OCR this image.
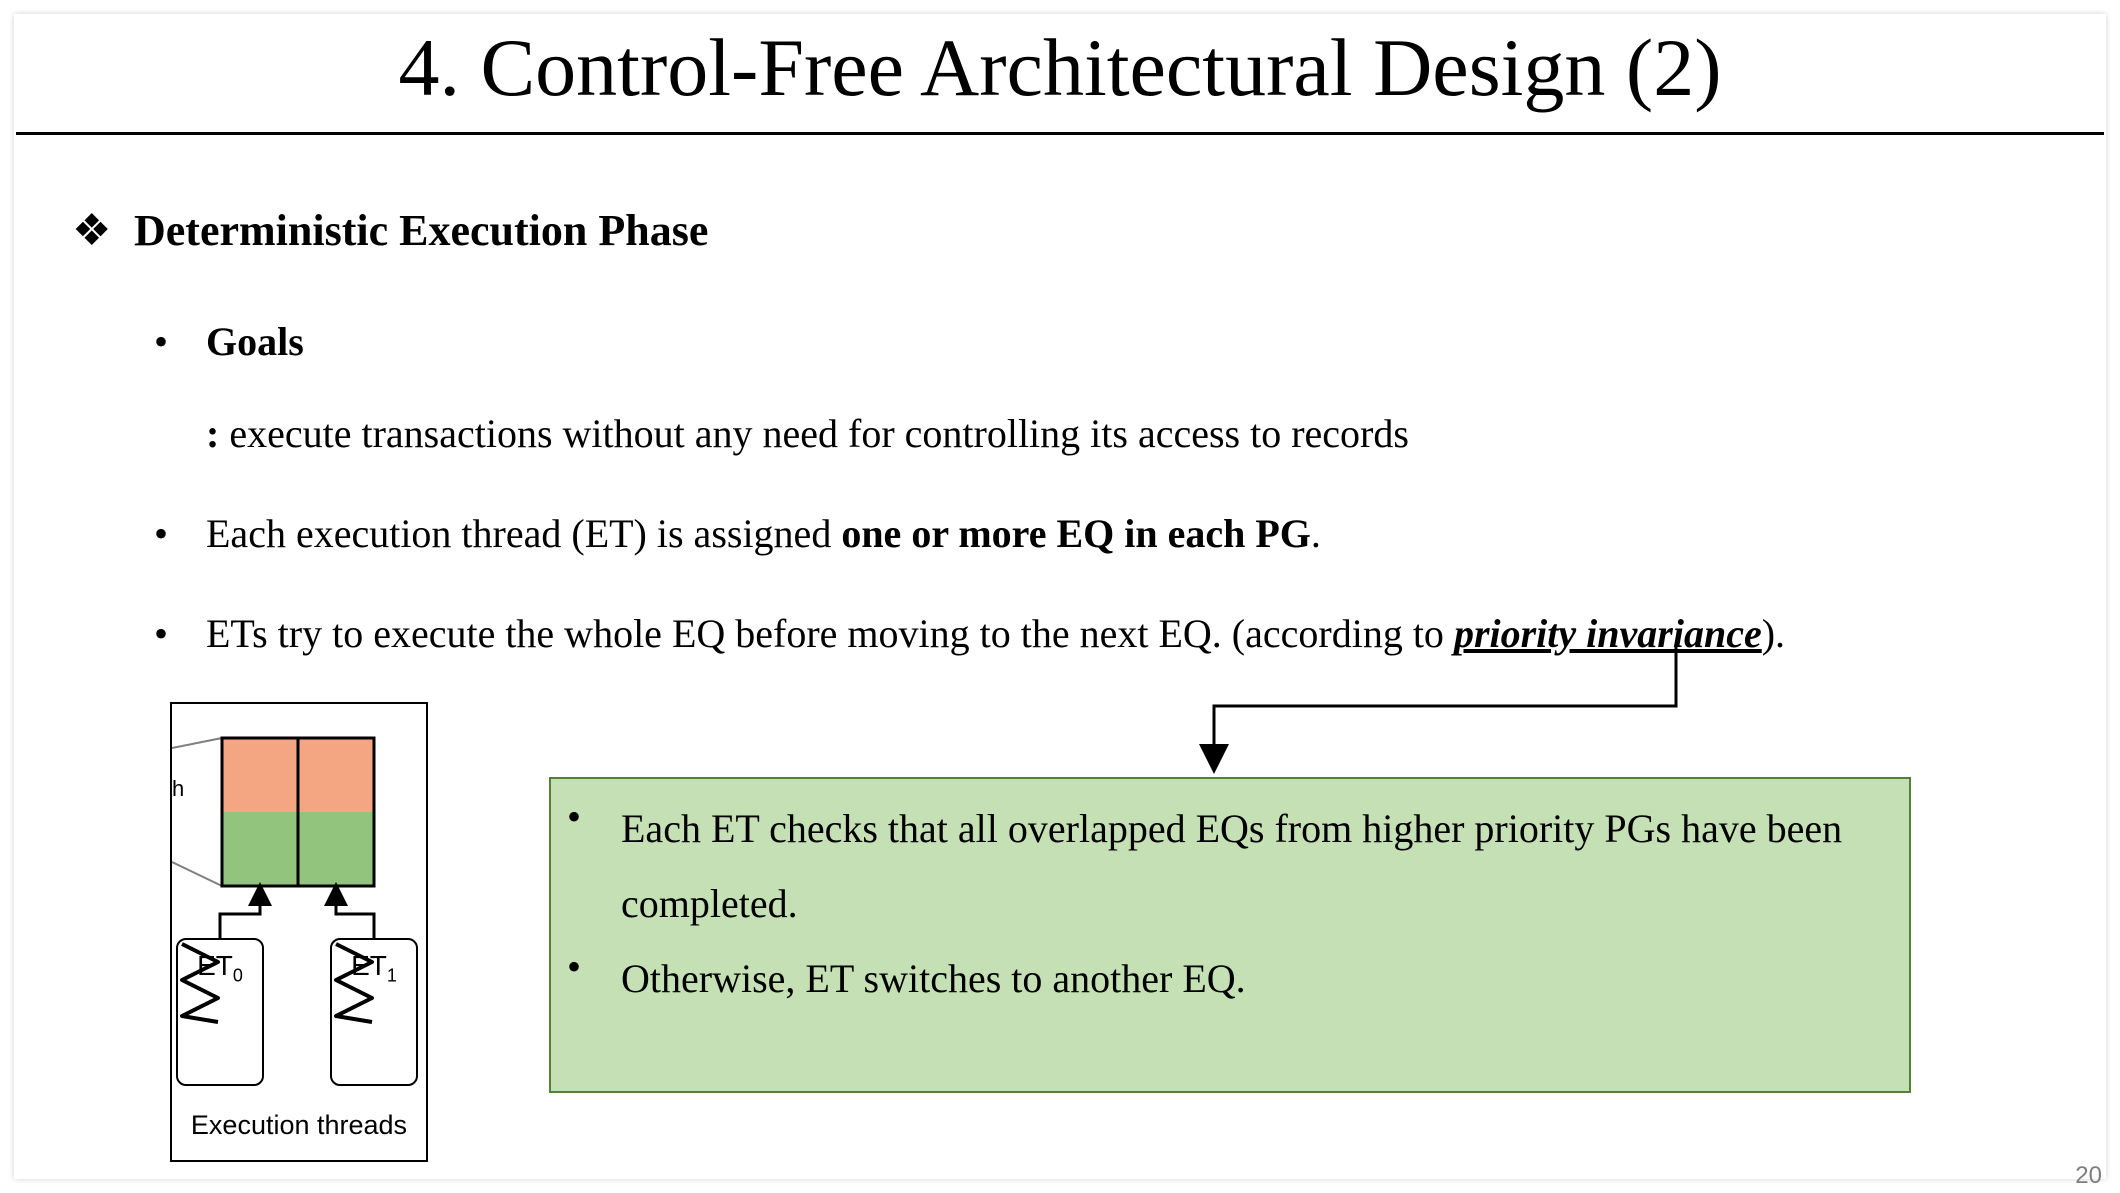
4. Control-Free Architectural Design (2)
❖ Deterministic Execution Phase
• Goals
: execute transactions without any need for controlling its access to records
• Each execution thread (ET) is assigned one or more EQ in each PG.
• ETs try to execute the whole EQ before moving to the next EQ. (according to priority invariance).
h
$ET_0$	$ET_1$
Execution threads
• Each ET checks that all overlapped EQs from higher priority PGs have been completed.
• Otherwise, ET switches to another EQ.
20
